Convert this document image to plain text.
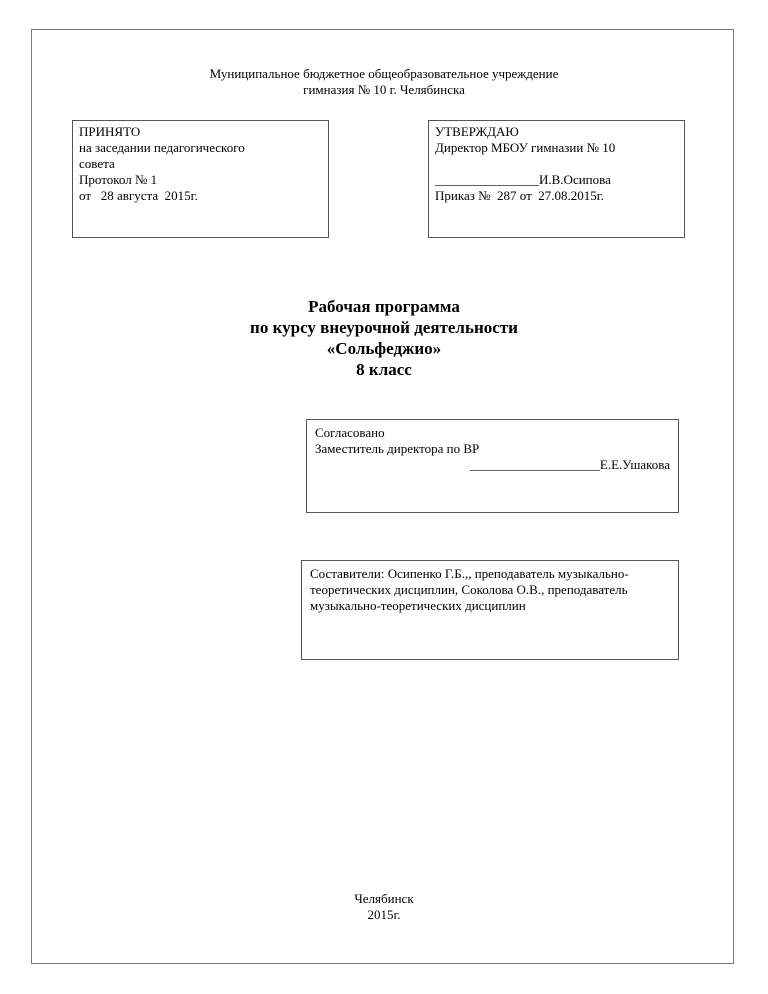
Муниципальное бюджетное общеобразовательное учреждение
гимназия № 10 г. Челябинска
ПРИНЯТО
на заседании педагогического
совета
Протокол № 1
от   28 августа  2015г.
УТВЕРЖДАЮ
Директор МБОУ гимназии № 10
________________И.В.Осипова
Приказ №  287 от  27.08.2015г.
Рабочая программа
по курсу внеурочной деятельности
«Сольфеджио»
8 класс
Согласовано
Заместитель директора по ВР
____________________Е.Е.Ушакова
Составители: Осипенко Г.Б.,, преподаватель музыкально-теоретических дисциплин, Соколова О.В., преподаватель музыкально-теоретических дисциплин
Челябинск
2015г.
